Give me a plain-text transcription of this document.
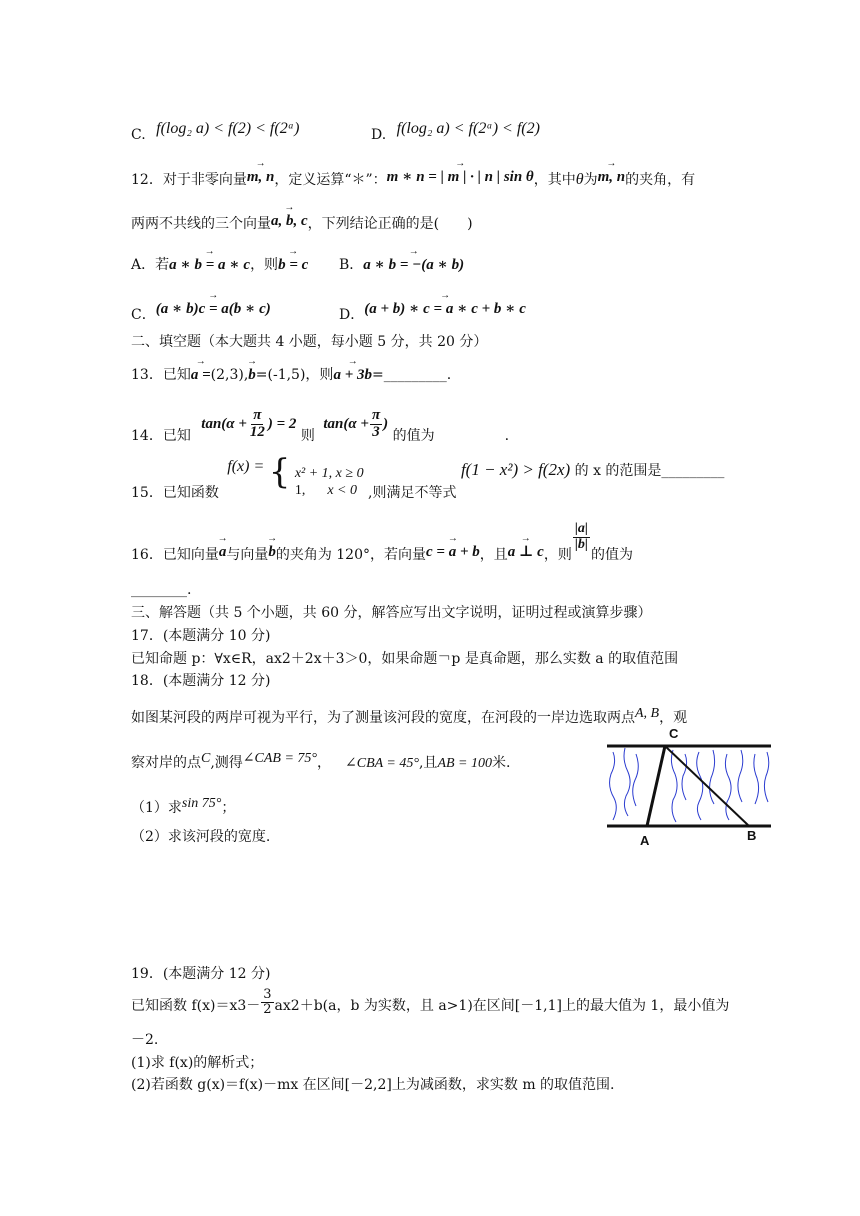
C. f(log₂ a) < f(2) < f(2ᵃ)	D. f(log₂ a) < f(2ᵃ) < f(2)
12．对于非零向量→ m, n，定义运算“＊”：→ m ∗ n = | m | · | n | sin θ，其中θ为→ m, n的夹角，有
两两不共线的三个向量→ a, b, c，下列结论正确的是(　　)
A．若→ a ∗ b = a ∗ c，则→ b = c B．→ a ∗ b = −(a ∗ b)
C．→ (a ∗ b)c = a(b ∗ c)	D．→ (a + b) ∗ c = a ∗ c + b ∗ c
二、填空题（本大题共 4 小题，每小题 5 分，共 20 分）
13．已知→ a =(2,3),→ b=(-1,5)，则→ a + 3b=_________.
14．已知 $\tan(\alpha + \frac{\pi}{12}$ ) = 2 则 $\tan(\alpha + \frac{\pi}{3}$ ) 的值为　　　　　.
15．已知函数 f(x) = { x² + 1, x ≥ 0
1, x < 0 ,则满足不等式 f(1 − x²) > f(2x) 的 x 的范围是_________
16．已知向量→ a与向量→ b的夹角为 120°，若向量→ c = a + b，且→ a ⊥ c，则
$\frac{|a|}{|b|}$
的值为
________.
三、解答题（共 5 个小题，共 60 分，解答应写出文字说明，证明过程或演算步骤）
17．(本题满分 10 分)
已知命题 p：∀x∈R，ax2＋2x＋3＞0，如果命题￢p 是真命题，那么实数 a 的取值范围
18．(本题满分 12 分)
如图某河段的两岸可视为平行，为了测量该河段的宽度，在河段的一岸边选取两点A, B，观
察对岸的点C,测得∠CAB = 75°， ∠CBA = 45°,且AB = 100米.
（1）求sin 75°；
（2）求该河段的宽度.
C
A	B
19．(本题满分 12 分)
已知函数 $f(x)=x3- \frac{3}{2} ax2+b(a$，b 为实数，且 a>1)在区间[－1,1]上的最大值为 1，最小值为
－2.
(1)求 f(x)的解析式；
(2)若函数 g(x)＝f(x)－mx 在区间[－2,2]上为减函数，求实数 m 的取值范围.
